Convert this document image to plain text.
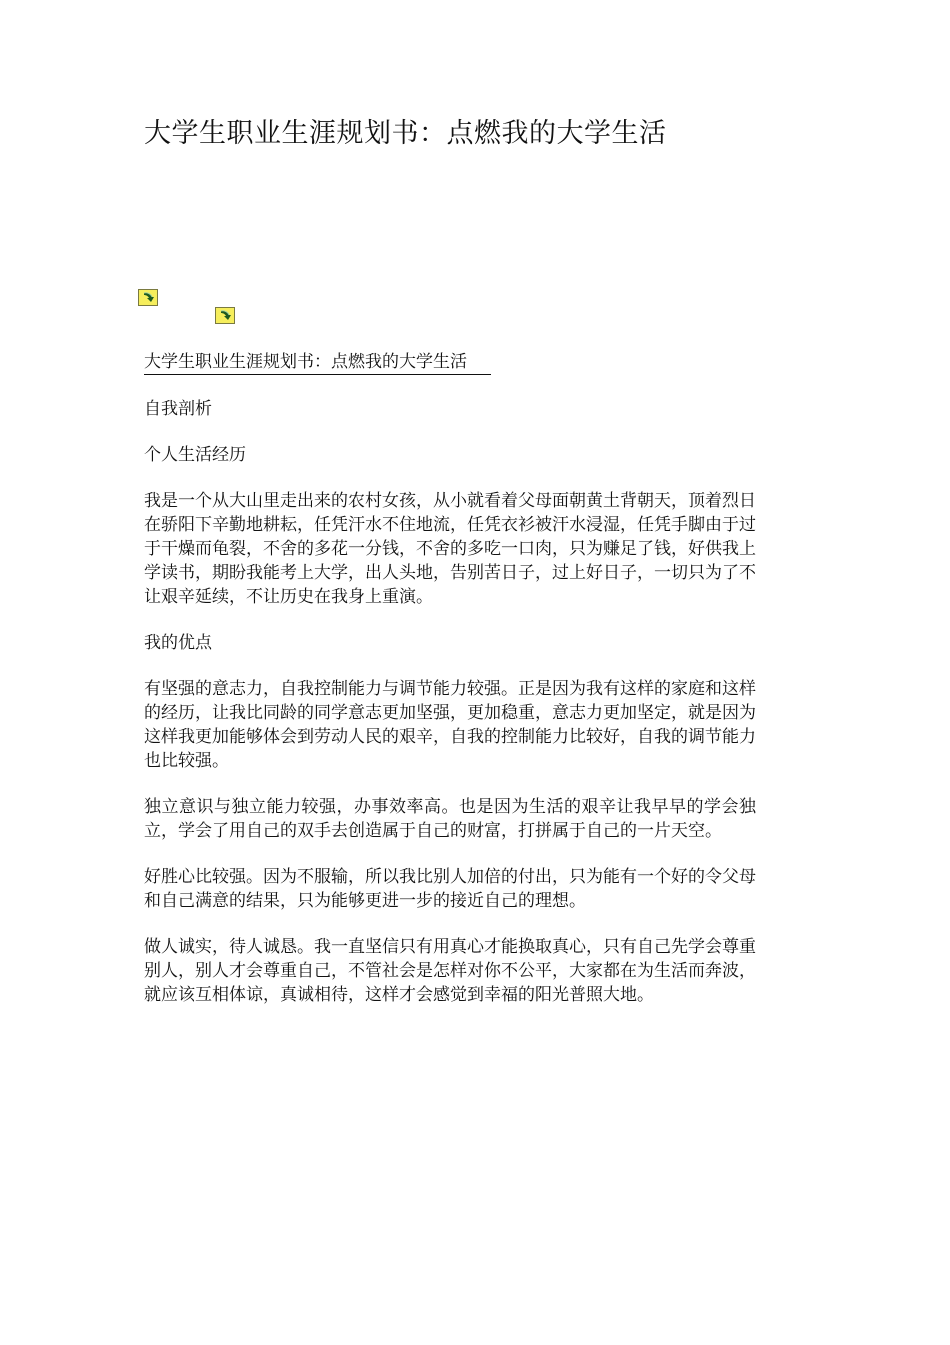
大学生职业生涯规划书：点燃我的大学生活

大学生职业生涯规划书：点燃我的大学生活

自我剖析

个人生活经历

我是一个从大山里走出来的农村女孩，从小就看着父母面朝黄土背朝天，顶着烈日在骄阳下辛勤地耕耘，任凭汗水不住地流，任凭衣衫被汗水浸湿，任凭手脚由于过于干燥而龟裂，不舍的多花一分钱，不舍的多吃一口肉，只为赚足了钱，好供我上学读书，期盼我能考上大学，出人头地，告别苦日子，过上好日子，一切只为了不让艰辛延续，不让历史在我身上重演。

我的优点

有坚强的意志力，自我控制能力与调节能力较强。正是因为我有这样的家庭和这样的经历，让我比同龄的同学意志更加坚强，更加稳重，意志力更加坚定，就是因为这样我更加能够体会到劳动人民的艰辛，自我的控制能力比较好，自我的调节能力也比较强。

独立意识与独立能力较强，办事效率高。也是因为生活的艰辛让我早早的学会独立，学会了用自己的双手去创造属于自己的财富，打拼属于自己的一片天空。

好胜心比较强。因为不服输，所以我比别人加倍的付出，只为能有一个好的令父母和自己满意的结果，只为能够更进一步的接近自己的理想。

做人诚实，待人诚恳。我一直坚信只有用真心才能换取真心，只有自己先学会尊重别人，别人才会尊重自己，不管社会是怎样对你不公平，大家都在为生活而奔波，就应该互相体谅，真诚相待，这样才会感觉到幸福的阳光普照大地。
